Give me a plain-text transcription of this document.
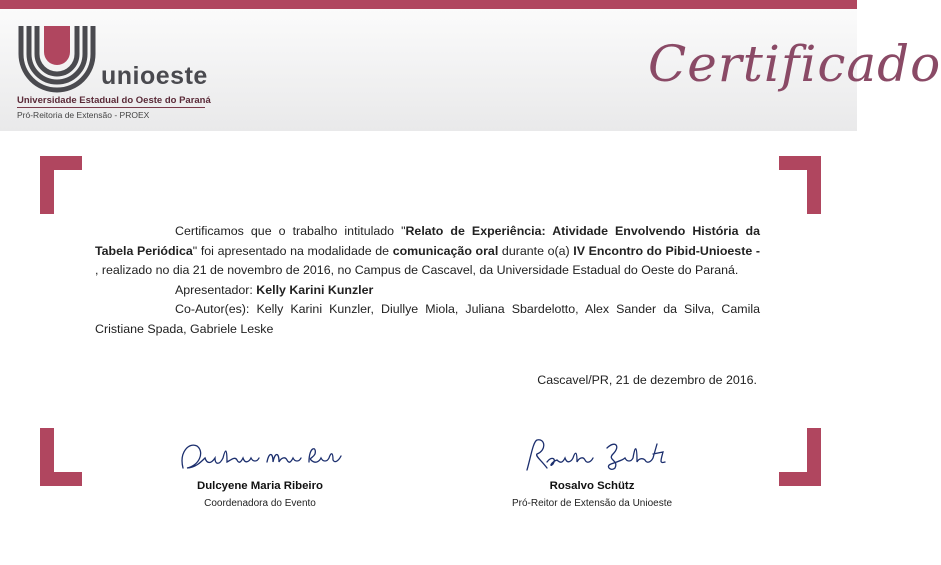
unioeste
Universidade Estadual do Oeste do Paraná
Pró-Reitoria de Extensão - PROEX
Certificado

Certificamos que o trabalho intitulado "Relato de Experiência: Atividade Envolvendo História da Tabela Periódica" foi apresentado na modalidade de comunicação oral durante o(a) IV Encontro do Pibid-Unioeste - , realizado no dia 21 de novembro de 2016, no Campus de Cascavel, da Universidade Estadual do Oeste do Paraná.

Apresentador: Kelly Karini Kunzler

Co-Autor(es): Kelly Karini Kunzler, Diullye Miola, Juliana Sbardelotto, Alex Sander da Silva, Camila Cristiane Spada, Gabriele Leske

Cascavel/PR, 21 de dezembro de 2016.
Dulcyene Maria Ribeiro
Coordenadora do Evento
Rosalvo Schütz
Pró-Reitor de Extensão da Unioeste
